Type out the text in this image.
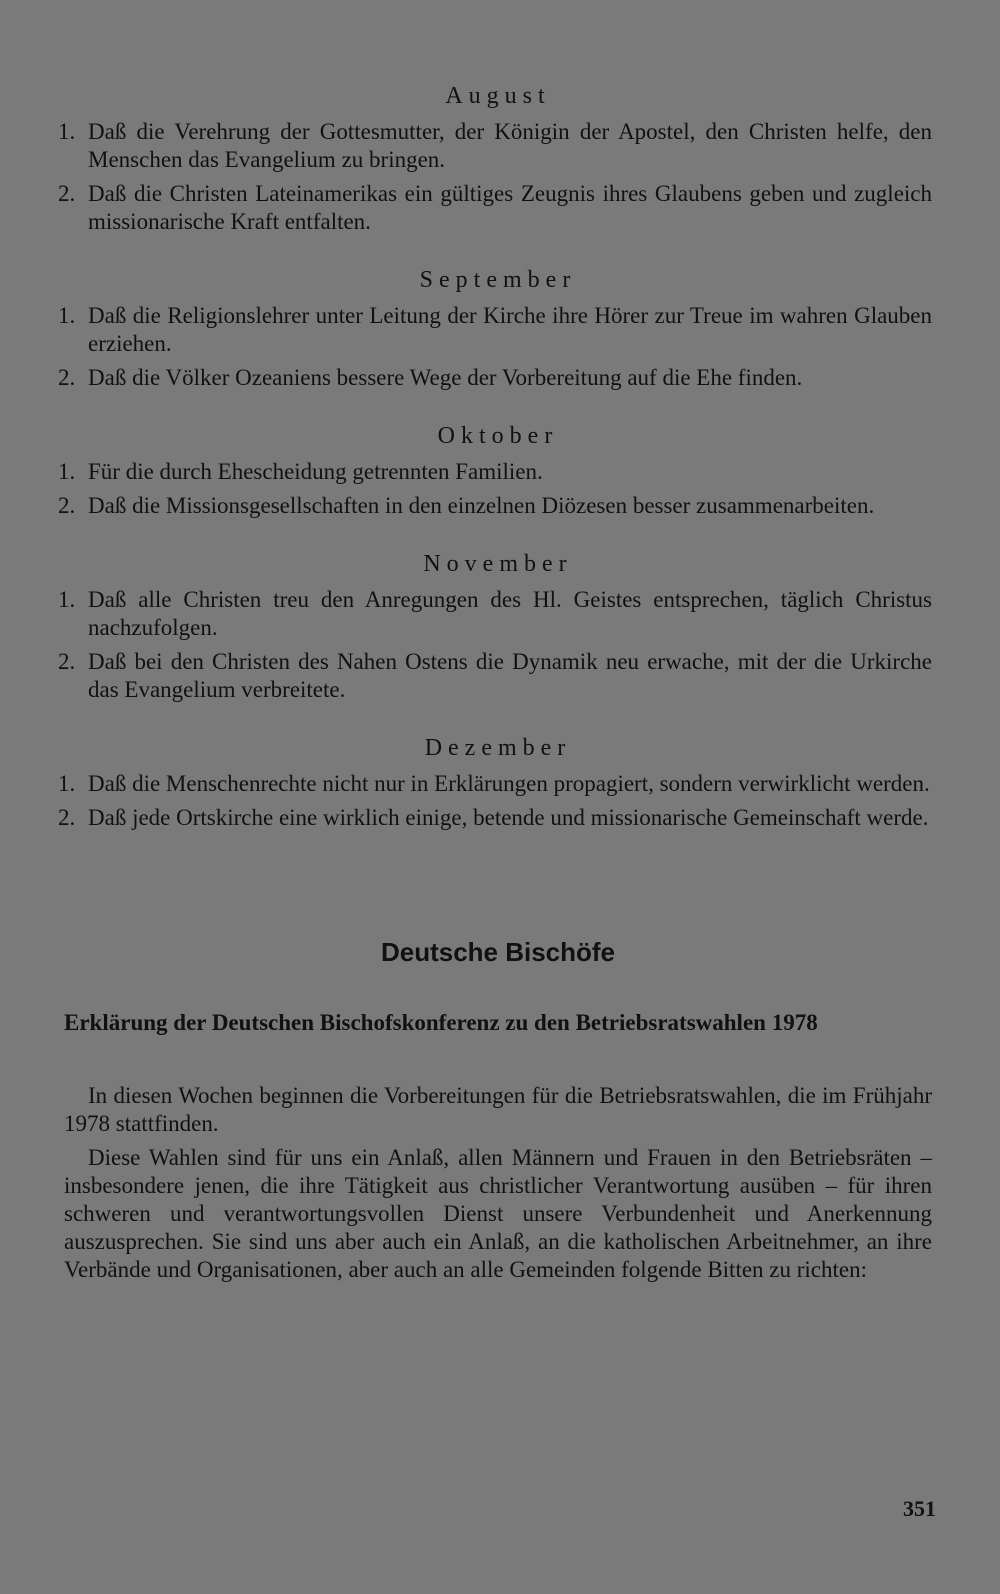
August
1. Daß die Verehrung der Gottesmutter, der Königin der Apostel, den Christen helfe, den Menschen das Evangelium zu bringen.
2. Daß die Christen Lateinamerikas ein gültiges Zeugnis ihres Glaubens geben und zugleich missionarische Kraft entfalten.
September
1. Daß die Religionslehrer unter Leitung der Kirche ihre Hörer zur Treue im wahren Glauben erziehen.
2. Daß die Völker Ozeaniens bessere Wege der Vorbereitung auf die Ehe finden.
Oktober
1. Für die durch Ehescheidung getrennten Familien.
2. Daß die Missionsgesellschaften in den einzelnen Diözesen besser zusammenarbeiten.
November
1. Daß alle Christen treu den Anregungen des Hl. Geistes entsprechen, täglich Christus nachzufolgen.
2. Daß bei den Christen des Nahen Ostens die Dynamik neu erwache, mit der die Urkirche das Evangelium verbreitete.
Dezember
1. Daß die Menschenrechte nicht nur in Erklärungen propagiert, sondern verwirklicht werden.
2. Daß jede Ortskirche eine wirklich einige, betende und missionarische Gemeinschaft werde.
Deutsche Bischöfe
Erklärung der Deutschen Bischofskonferenz zu den Betriebsratswahlen 1978

In diesen Wochen beginnen die Vorbereitungen für die Betriebsratswahlen, die im Frühjahr 1978 stattfinden.

Diese Wahlen sind für uns ein Anlaß, allen Männern und Frauen in den Betriebsräten – insbesondere jenen, die ihre Tätigkeit aus christlicher Verantwortung ausüben – für ihren schweren und verantwortungsvollen Dienst unsere Verbundenheit und Anerkennung auszusprechen. Sie sind uns aber auch ein Anlaß, an die katholischen Arbeitnehmer, an ihre Verbände und Organisationen, aber auch an alle Gemeinden folgende Bitten zu richten:

351
